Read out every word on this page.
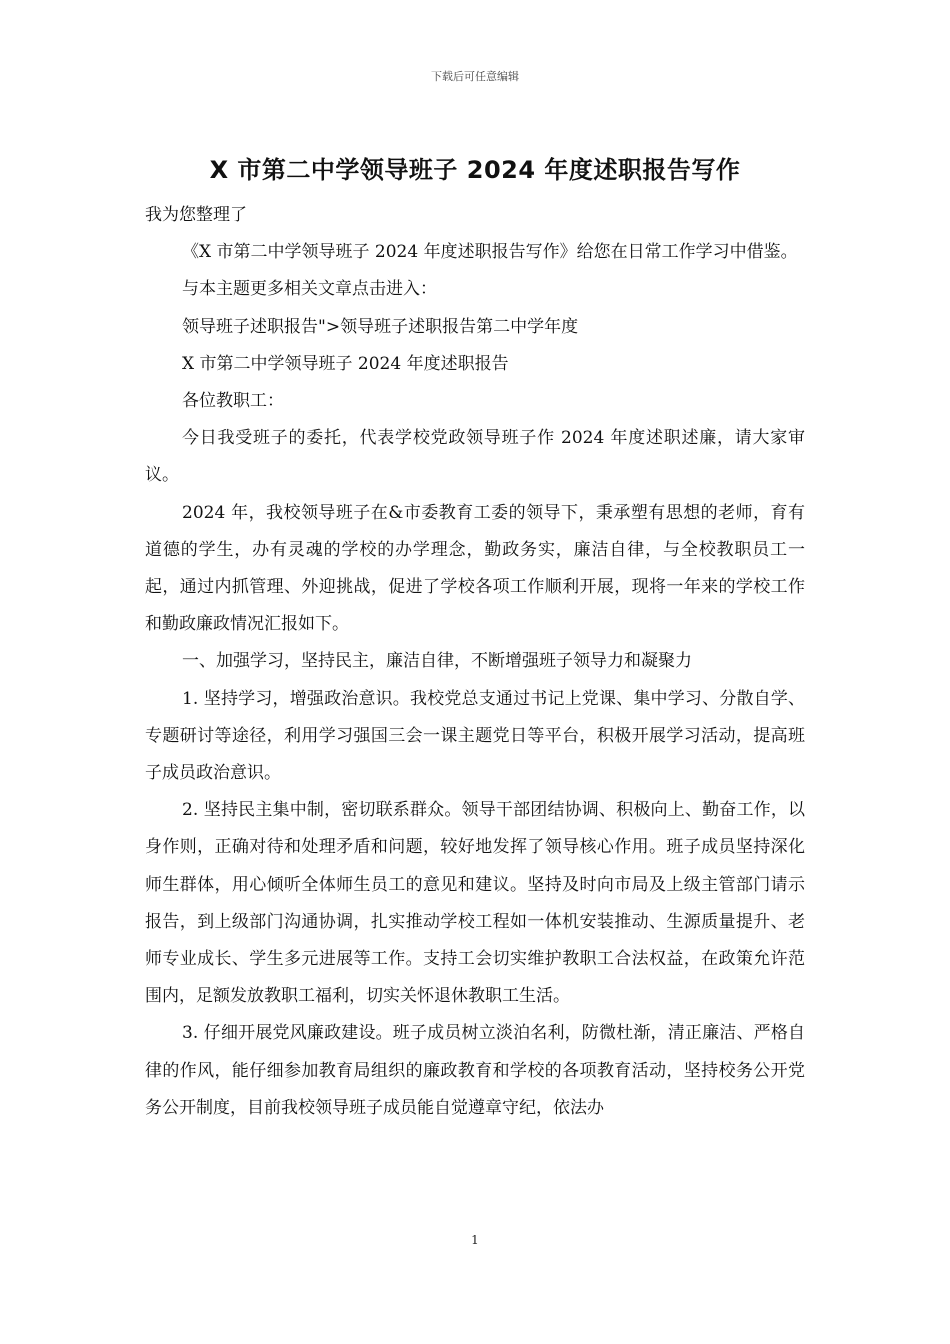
下载后可任意编辑
X 市第二中学领导班子 2024 年度述职报告写作

我为您整理了

《X 市第二中学领导班子 2024 年度述职报告写作》给您在日常工作学习中借鉴。

与本主题更多相关文章点击进入：

领导班子述职报告">领导班子述职报告第二中学年度

X 市第二中学领导班子 2024 年度述职报告

各位教职工：

今日我受班子的委托，代表学校党政领导班子作 2024 年度述职述廉，请大家审议。

2024 年，我校领导班子在&市委教育工委的领导下，秉承塑有思想的老师，育有道德的学生，办有灵魂的学校的办学理念，勤政务实，廉洁自律，与全校教职员工一起，通过内抓管理、外迎挑战，促进了学校各项工作顺利开展，现将一年来的学校工作和勤政廉政情况汇报如下。

一、加强学习，坚持民主，廉洁自律，不断增强班子领导力和凝聚力

1. 坚持学习，增强政治意识。我校党总支通过书记上党课、集中学习、分散自学、专题研讨等途径，利用学习强国三会一课主题党日等平台，积极开展学习活动，提高班子成员政治意识。

2. 坚持民主集中制，密切联系群众。领导干部团结协调、积极向上、勤奋工作，以身作则，正确对待和处理矛盾和问题，较好地发挥了领导核心作用。班子成员坚持深化师生群体，用心倾听全体师生员工的意见和建议。坚持及时向市局及上级主管部门请示报告，到上级部门沟通协调，扎实推动学校工程如一体机安装推动、生源质量提升、老师专业成长、学生多元进展等工作。支持工会切实维护教职工合法权益，在政策允许范围内，足额发放教职工福利，切实关怀退休教职工生活。

3. 仔细开展党风廉政建设。班子成员树立淡泊名利，防微杜渐，清正廉洁、严格自律的作风，能仔细参加教育局组织的廉政教育和学校的各项教育活动，坚持校务公开党务公开制度，目前我校领导班子成员能自觉遵章守纪，依法办

1
